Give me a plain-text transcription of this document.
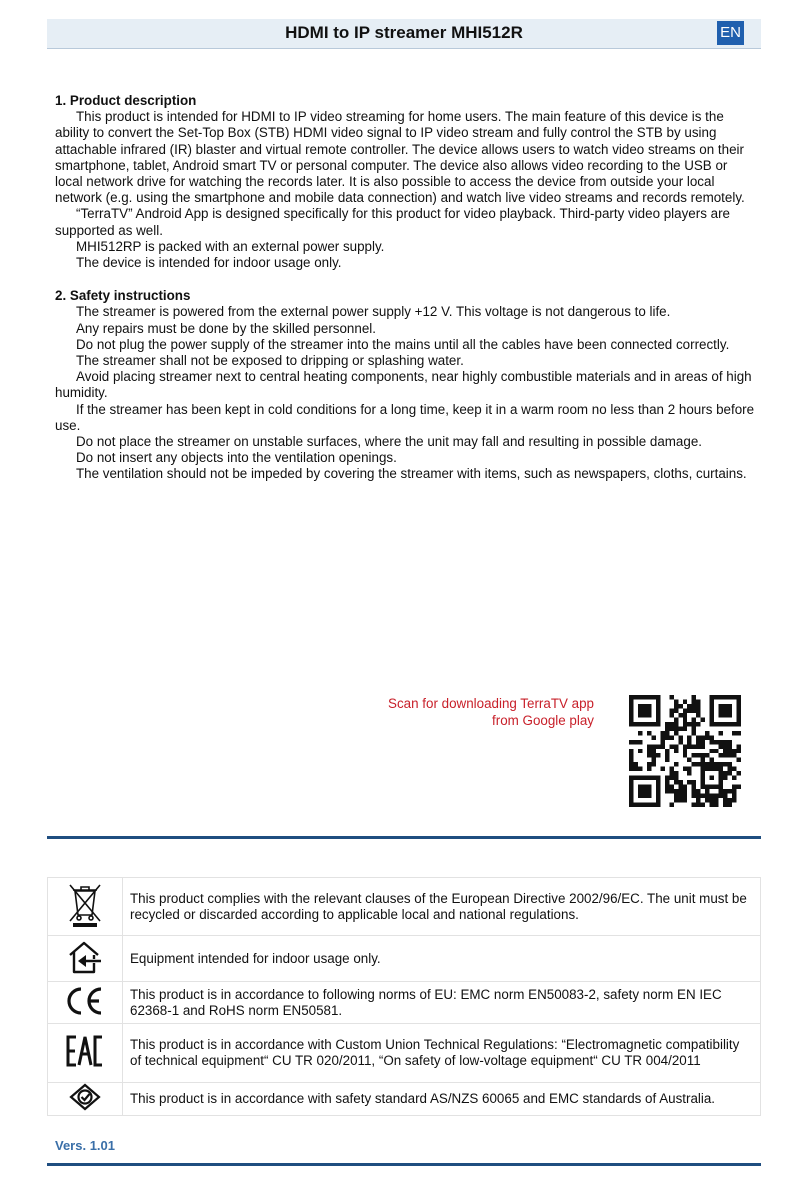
HDMI to IP streamer MHI512R	EN

1. Product description

This product is intended for HDMI to IP video streaming for home users. The main feature of this device is the ability to convert the Set-Top Box (STB) HDMI video signal to IP video stream and fully control the STB by using attachable infrared (IR) blaster and virtual remote controller. The device allows users to watch video streams on their smartphone, tablet, Android smart TV or personal computer. The device also allows video recording to the USB or local network drive for watching the records later. It is also possible to access the device from outside your local network (e.g. using the smartphone and mobile data connection) and watch live video streams and records remotely.

“TerraTV” Android App is designed specifically for this product for video playback. Third-party video players are supported as well.

MHI512RP is packed with an external power supply.

The device is intended for indoor usage only.

2. Safety instructions

The streamer is powered from the external power supply +12 V. This voltage is not dangerous to life.

Any repairs must be done by the skilled personnel.

Do not plug the power supply of the streamer into the mains until all the cables have been connected correctly.

The streamer shall not be exposed to dripping or splashing water.

Avoid placing streamer next to central heating components, near highly combustible materials and in areas of high humidity.

If the streamer has been kept in cold conditions for a long time, keep it in a warm room no less than 2 hours before use.

Do not place the streamer on unstable surfaces, where the unit may fall and resulting in possible damage.

Do not insert any objects into the ventilation openings.

The ventilation should not be impeded by covering the streamer with items, such as newspapers, cloths, curtains.

Scan for downloading TerraTV app
from Google play
	This product complies with the relevant clauses of the European Directive 2002/96/EC. The unit must be recycled or discarded according to applicable local and national regulations.
	Equipment intended for indoor usage only.
	This product is in accordance to following norms of EU: EMC norm EN50083-2, safety norm EN IEC 62368-1 and RoHS norm EN50581.
	This product is in accordance with Custom Union Technical Regulations: “Electromagnetic compatibility of technical equipment“ CU TR 020/2011, “On safety of low-voltage equipment“ CU TR 004/2011
	This product is in accordance with safety standard AS/NZS 60065 and EMC standards of Australia.
Vers. 1.01
